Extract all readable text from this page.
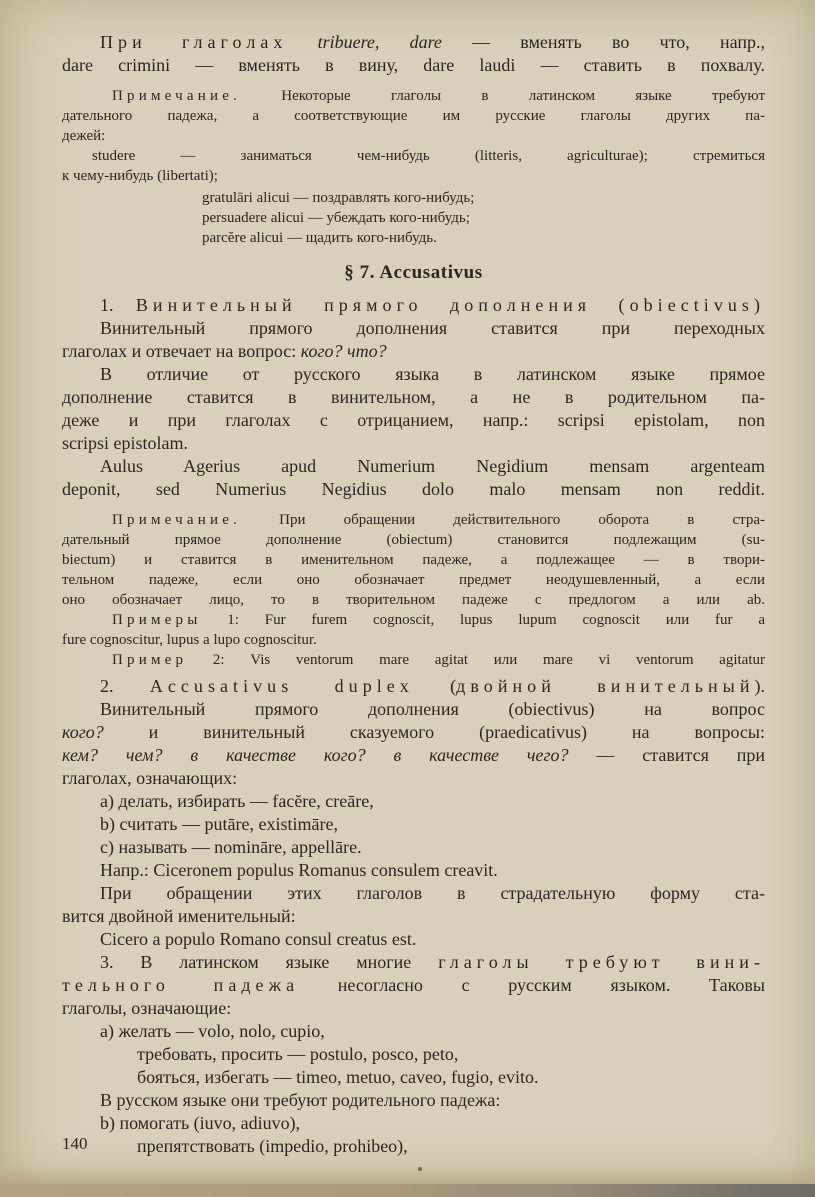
При глаголах tribuere, dare — вменять во что, напр.,
dare crimini — вменять в вину, dare laudi — ставить в похвалу.
Примечание. Некоторые глаголы в латинском языке требуют
дательного падежа, а соответствующие им русские глаголы других па-
дежей:
studere — заниматься чем-нибудь (litteris, agriculturae); стремиться
к чему-нибудь (libertati);
gratulāri alicui — поздравлять кого-нибудь;
persuadere alicui — убеждать кого-нибудь;
parcĕre alicui — щадить кого-нибудь.
§ 7. Accusativus
1. Винительный прямого дополнения (obiectivus)
Винительный прямого дополнения ставится при переходных
глаголах и отвечает на вопрос: кого? что?
В отличие от русского языка в латинском языке прямое
дополнение ставится в винительном, а не в родительном па-
деже и при глаголах с отрицанием, напр.: scripsi epistolam, non
scripsi epistolam.
Aulus Agerius apud Numerium Negidium mensam argenteam
deponit, sed Numerius Negidius dolo malo mensam non reddit.
Примечание. При обращении действительного оборота в стра-
дательный прямое дополнение (obiectum) становится подлежащим (su-
biectum) и ставится в именительном падеже, а подлежащее — в твори-
тельном падеже, если оно обозначает предмет неодушевленный, а если
оно обозначает лицо, то в творительном падеже с предлогом a или ab.
Примеры 1: Fur furem cognoscit, lupus lupum cognoscit или fur a
fure cognoscitur, lupus a lupo cognoscitur.
Пример 2: Vis ventorum mare agitat или mare vi ventorum agitatur
2. Accusativus duplex (двойной винительный).
Винительный прямого дополнения (obiectivus) на вопрос
кого? и винительный сказуемого (praedicativus) на вопросы:
кем? чем? в качестве кого? в качестве чего? — ставится при
глаголах, означающих:
a) делать, избирать — facĕre, creāre,
b) считать — putāre, existimāre,
c) называть — nomināre, appellāre.
Напр.: Ciceronem populus Romanus consulem creavit.
При обращении этих глаголов в страдательную форму ста-
вится двойной именительный:
Cicero a populo Romano consul creatus est.
3. В латинском языке многие глаголы требуют вини-
тельного падежа несогласно с русским языком. Таковы
глаголы, означающие:
a) желать — volo, nolo, cupio,
требовать, просить — postulo, posco, peto,
бояться, избегать — timeo, metuo, caveo, fugio, evito.
В русском языке они требуют родительного падежа:
b) помогать (iuvo, adiuvo),
препятствовать (impedio, prohibeo),
140
